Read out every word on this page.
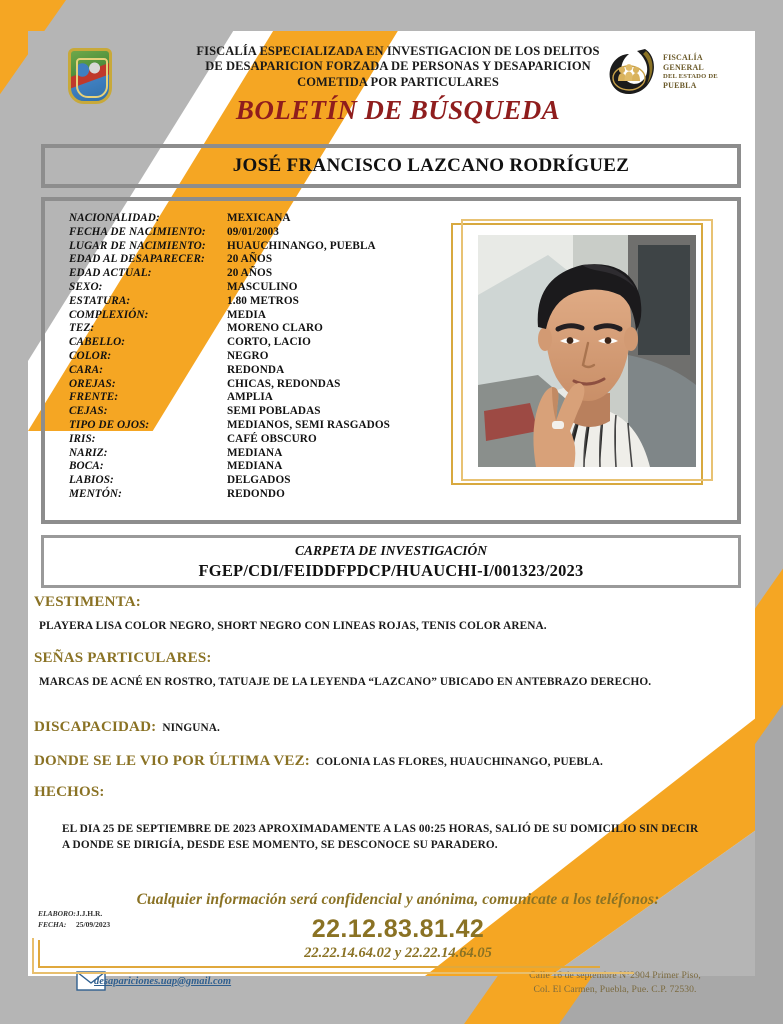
FISCALÍA ESPECIALIZADA EN INVESTIGACION DE LOS DELITOS
DE DESAPARICION FORZADA DE PERSONAS Y DESAPARICION
COMETIDA POR PARTICULARES
BOLETÍN DE BÚSQUEDA
FISCALÍA GENERAL
DEL ESTADO DE
PUEBLA
JOSÉ FRANCISCO LAZCANO RODRÍGUEZ
NACIONALIDAD:	MEXICANA
FECHA DE NACIMIENTO:	09/01/2003
LUGAR DE NACIMIENTO:	HUAUCHINANGO, PUEBLA
EDAD AL DESAPARECER:	20 AÑOS
EDAD ACTUAL:	20 AÑOS
SEXO:	MASCULINO
ESTATURA:	1.80 METROS
COMPLEXIÓN:	MEDIA
TEZ:	MORENO CLARO
CABELLO:	CORTO, LACIO
COLOR:	NEGRO
CARA:	REDONDA
OREJAS:	CHICAS, REDONDAS
FRENTE:	AMPLIA
CEJAS:	SEMI POBLADAS
TIPO DE OJOS:	MEDIANOS, SEMI RASGADOS
IRIS:	CAFÉ OBSCURO
NARIZ:	MEDIANA
BOCA:	MEDIANA
LABIOS:	DELGADOS
MENTÓN:	REDONDO
CARPETA DE INVESTIGACIÓN
FGEP/CDI/FEIDDFPDCP/HUAUCHI-I/001323/2023
VESTIMENTA:
PLAYERA LISA COLOR NEGRO, SHORT NEGRO CON LINEAS ROJAS, TENIS COLOR ARENA.
SEÑAS PARTICULARES:
MARCAS DE ACNÉ EN ROSTRO, TATUAJE DE LA LEYENDA “LAZCANO” UBICADO EN ANTEBRAZO DERECHO.
DISCAPACIDAD: NINGUNA.
DONDE SE LE VIO POR ÚLTIMA VEZ: COLONIA LAS FLORES, HUAUCHINANGO, PUEBLA.
HECHOS:
EL DIA 25 DE SEPTIEMBRE DE 2023 APROXIMADAMENTE A LAS 00:25 HORAS, SALIÓ DE SU DOMICILIO SIN DECIR A DONDE SE DIRIGÍA, DESDE ESE MOMENTO, SE DESCONOCE SU PARADERO.
Cualquier información será confidencial y anónima, comunicate a los teléfonos:
22.12.83.81.42
22.22.14.64.02 y 22.22.14.64.05
ELABORO: J.J.H.R.
FECHA:	25/09/2023
desapariciones.uap@gmail.com	Calle 16 de septembre N°2904 Primer Piso,
Col. El Carmen, Puebla, Pue. C.P. 72530.
